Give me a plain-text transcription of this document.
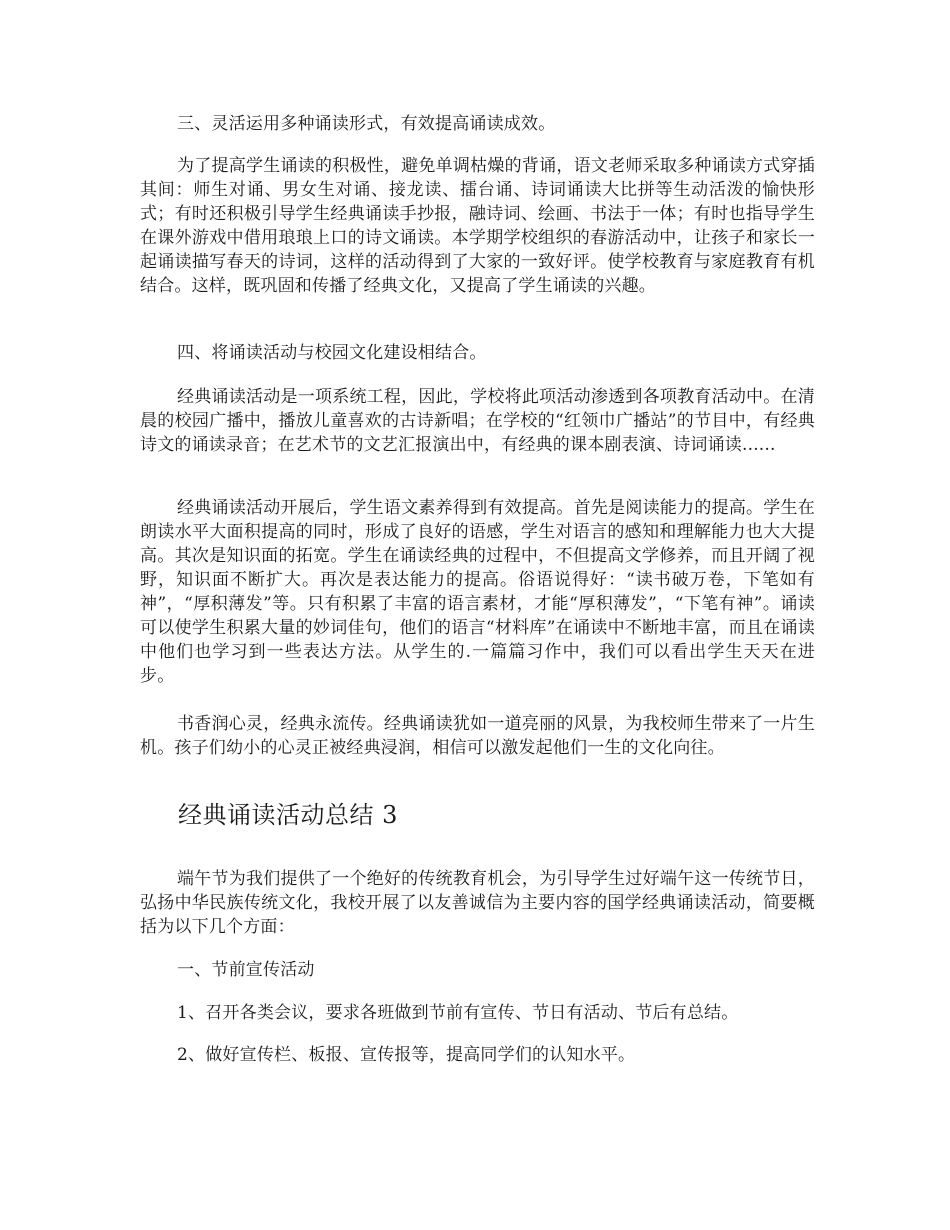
三、灵活运用多种诵读形式，有效提高诵读成效。

为了提高学生诵读的积极性，避免单调枯燥的背诵，语文老师采取多种诵读方式穿插其间：师生对诵、男女生对诵、接龙读、擂台诵、诗词诵读大比拼等生动活泼的愉快形式；有时还积极引导学生经典诵读手抄报，融诗词、绘画、书法于一体；有时也指导学生在课外游戏中借用琅琅上口的诗文诵读。本学期学校组织的春游活动中，让孩子和家长一起诵读描写春天的诗词，这样的活动得到了大家的一致好评。使学校教育与家庭教育有机结合。这样，既巩固和传播了经典文化，又提高了学生诵读的兴趣。

四、将诵读活动与校园文化建设相结合。

经典诵读活动是一项系统工程，因此，学校将此项活动渗透到各项教育活动中。在清晨的校园广播中，播放儿童喜欢的古诗新唱；在学校的“红领巾广播站”的节目中，有经典诗文的诵读录音；在艺术节的文艺汇报演出中，有经典的课本剧表演、诗词诵读......

经典诵读活动开展后，学生语文素养得到有效提高。首先是阅读能力的提高。学生在朗读水平大面积提高的同时，形成了良好的语感，学生对语言的感知和理解能力也大大提高。其次是知识面的拓宽。学生在诵读经典的过程中，不但提高文学修养，而且开阔了视野，知识面不断扩大。再次是表达能力的提高。俗语说得好：“读书破万卷，下笔如有神”，“厚积薄发”等。只有积累了丰富的语言素材，才能“厚积薄发”，“下笔有神”。诵读可以使学生积累大量的妙词佳句，他们的语言“材料库”在诵读中不断地丰富，而且在诵读中他们也学习到一些表达方法。从学生的.一篇篇习作中，我们可以看出学生天天在进步。

书香润心灵，经典永流传。经典诵读犹如一道亮丽的风景，为我校师生带来了一片生机。孩子们幼小的心灵正被经典浸润，相信可以激发起他们一生的文化向往。

经典诵读活动总结 3

端午节为我们提供了一个绝好的传统教育机会，为引导学生过好端午这一传统节日，弘扬中华民族传统文化，我校开展了以友善诚信为主要内容的国学经典诵读活动，简要概括为以下几个方面：

一、节前宣传活动

1、召开各类会议，要求各班做到节前有宣传、节日有活动、节后有总结。

2、做好宣传栏、板报、宣传报等，提高同学们的认知水平。
